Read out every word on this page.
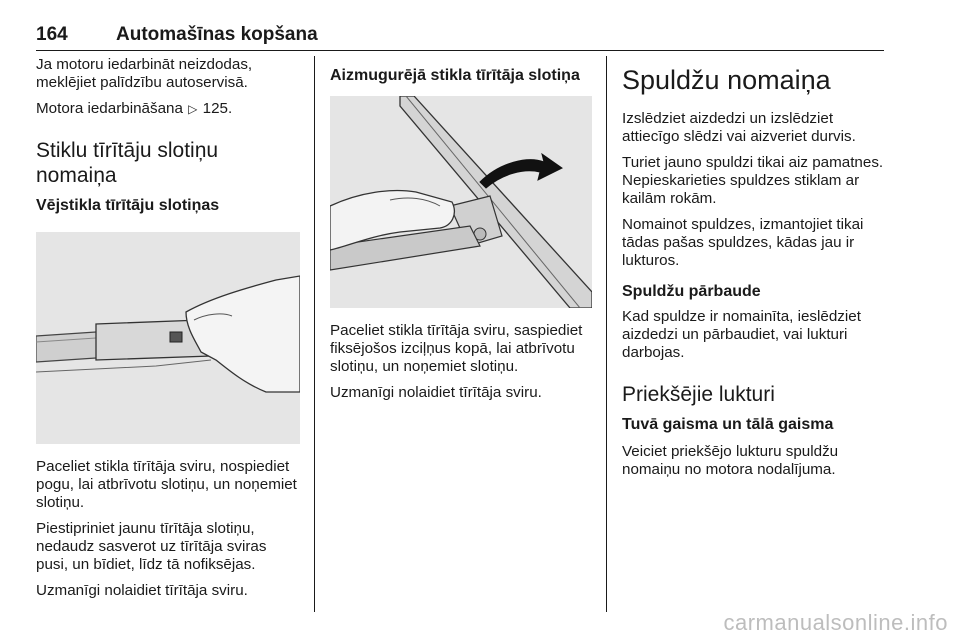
164	Automašīnas kopšana

Ja motoru iedarbināt neizdodas, meklējiet palīdzību autoservisā.

Motora iedarbināšana ▷ 125.

Stiklu tīrītāju slotiņu nomaiņa
Vējstikla tīrītāju slotiņas

Paceliet stikla tīrītāja sviru, nospiediet pogu, lai atbrīvotu slotiņu, un noņemiet slotiņu.

Piestipriniet jaunu tīrītāja slotiņu, nedaudz sasverot uz tīrītāja sviras pusi, un bīdiet, līdz tā nofiksējas.

Uzmanīgi nolaidiet tīrītāja sviru.

Aizmugurējā stikla tīrītāja slotiņa

Paceliet stikla tīrītāja sviru, saspiediet fiksējošos izciļņus kopā, lai atbrīvotu slotiņu, un noņemiet slotiņu.

Uzmanīgi nolaidiet tīrītāja sviru.

Spuldžu nomaiņa

Izslēdziet aizdedzi un izslēdziet attiecīgo slēdzi vai aizveriet durvis.

Turiet jauno spuldzi tikai aiz pamatnes. Nepieskarieties spuldzes stiklam ar kailām rokām.

Nomainot spuldzes, izmantojiet tikai tādas pašas spuldzes, kādas jau ir lukturos.

Spuldžu pārbaude

Kad spuldze ir nomainīta, ieslēdziet aizdedzi un pārbaudiet, vai lukturi darbojas.

Priekšējie lukturi
Tuvā gaisma un tālā gaisma

Veiciet priekšējo lukturu spuldžu nomaiņu no motora nodalījuma.

carmanualsonline.info
